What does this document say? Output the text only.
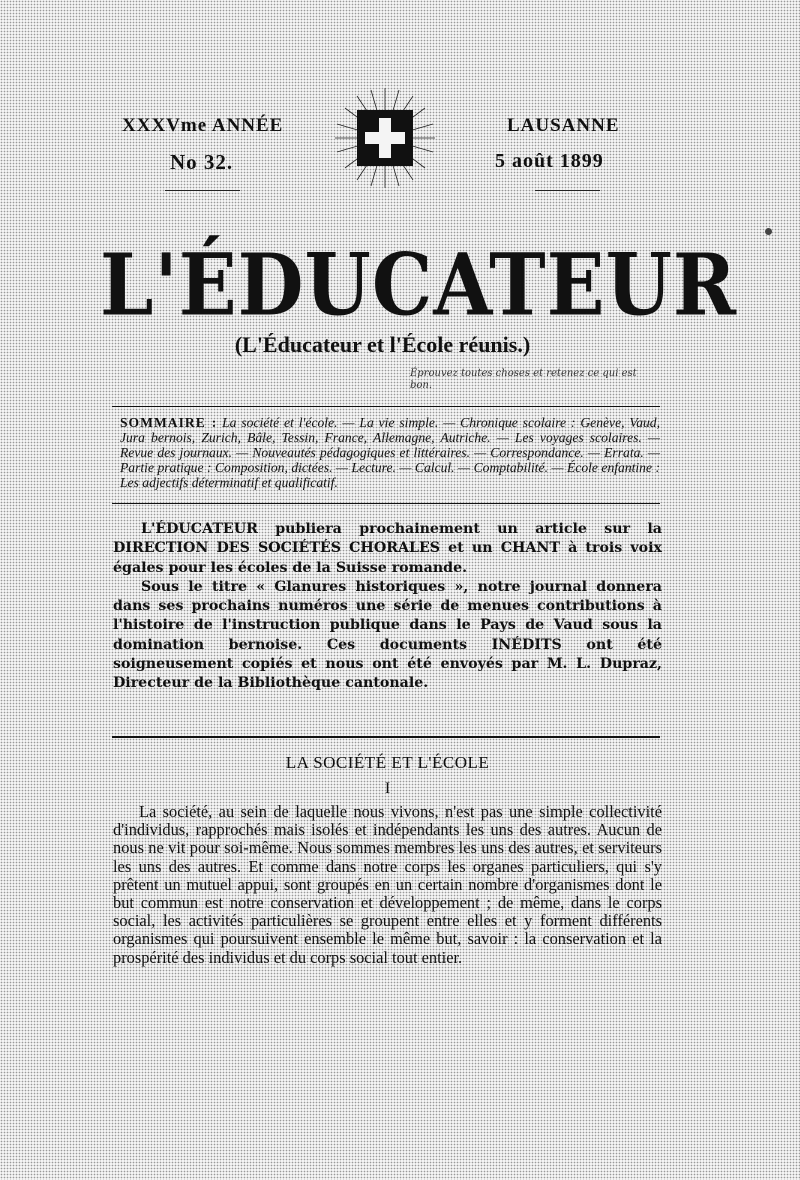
XXXVme ANNÉE
No 32.
LAUSANNE
5 août 1899
L'ÉDUCATEUR
(L'Éducateur et l'École réunis.)
Éprouvez toutes choses et retenez ce qui est bon.
SOMMAIRE : La société et l'école. — La vie simple. — Chronique scolaire : Genève, Vaud, Jura bernois, Zurich, Bâle, Tessin, France, Allemagne, Autriche. — Les voyages scolaires. — Revue des journaux. — Nouveautés pédagogiques et littéraires. — Correspondance. — Errata. — Partie pratique : Composition, dictées. — Lecture. — Calcul. — Comptabilité. — École enfantine : Les adjectifs déterminatif et qualificatif.

L'ÉDUCATEUR publiera prochainement un article sur la DIRECTION DES SOCIÉTÉS CHORALES et un CHANT à trois voix égales pour les écoles de la Suisse romande.

Sous le titre « Glanures historiques », notre journal donnera dans ses prochains numéros une série de menues contributions à l'histoire de l'instruction publique dans le Pays de Vaud sous la domination bernoise. Ces documents INÉDITS ont été soigneusement copiés et nous ont été envoyés par M. L. Dupraz, Directeur de la Bibliothèque cantonale.

LA SOCIÉTÉ ET L'ÉCOLE
I

La société, au sein de laquelle nous vivons, n'est pas une simple collectivité d'individus, rapprochés mais isolés et indépendants les uns des autres. Aucun de nous ne vit pour soi-même. Nous sommes membres les uns des autres, et serviteurs les uns des autres. Et comme dans notre corps les organes particuliers, qui s'y prêtent un mutuel appui, sont groupés en un certain nombre d'organismes dont le but commun est notre conservation et développement ; de même, dans le corps social, les activités particulières se groupent entre elles et y forment différents organismes qui poursuivent ensemble le même but, savoir : la conservation et la prospérité des individus et du corps social tout entier.
